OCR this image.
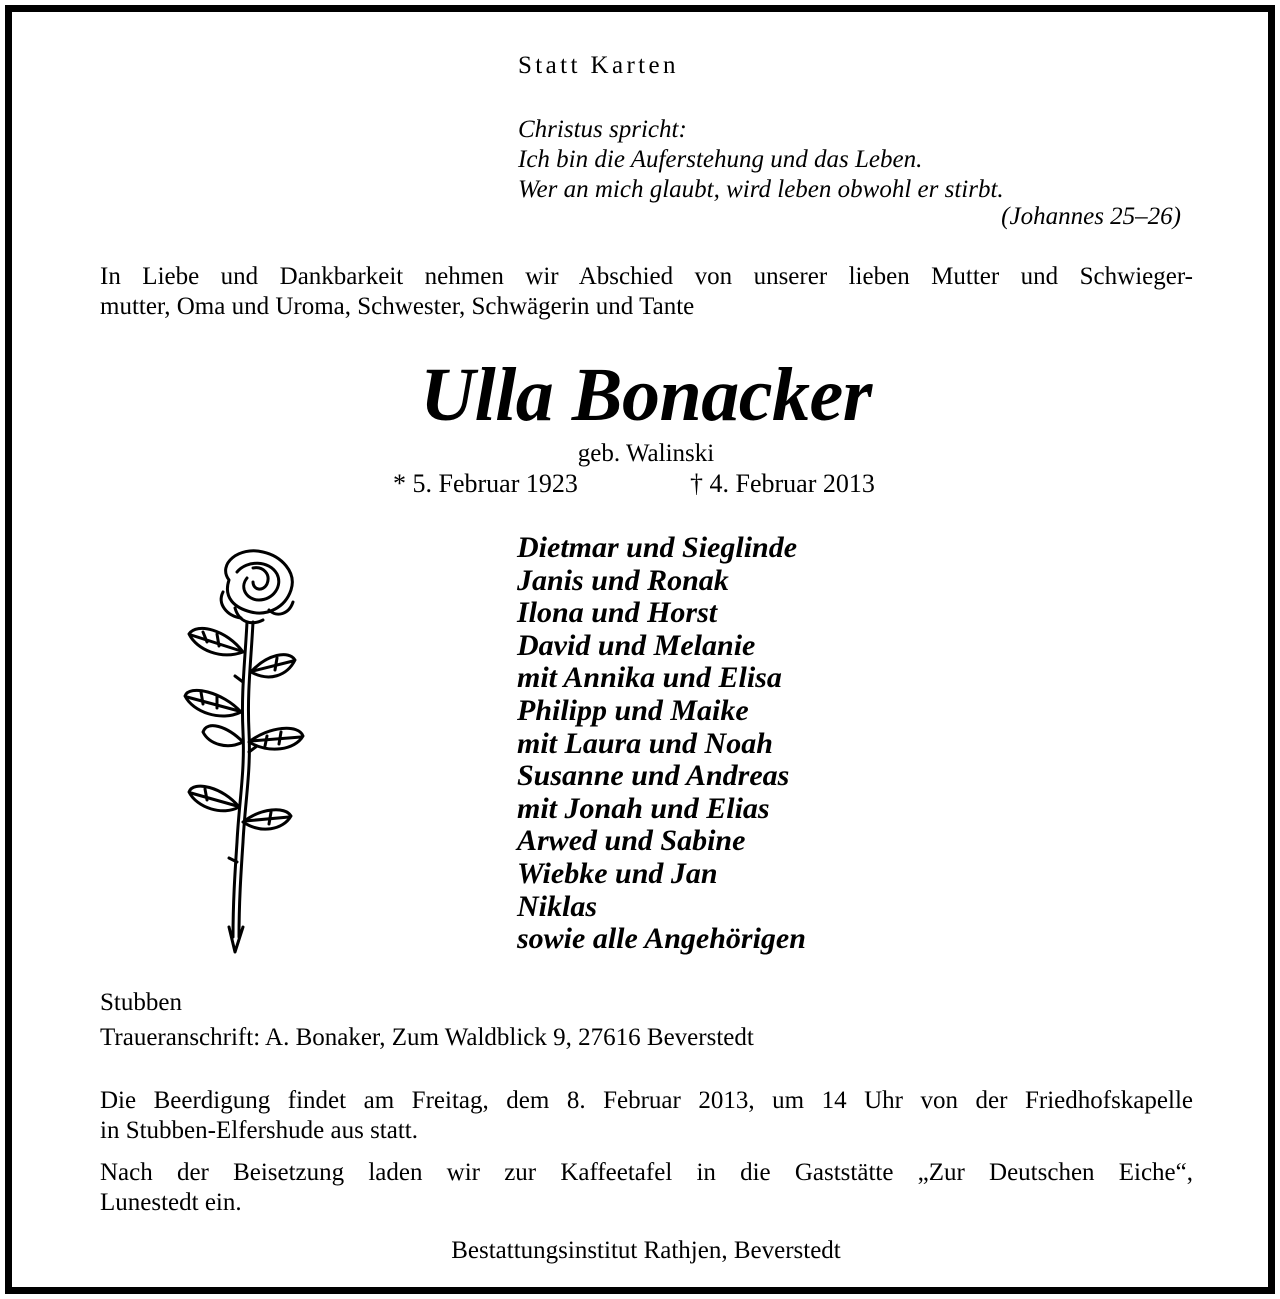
Statt Karten
Christus spricht:
Ich bin die Auferstehung und das Leben.
Wer an mich glaubt, wird leben obwohl er stirbt.
(Johannes 25–26)
In Liebe und Dankbarkeit nehmen wir Abschied von unserer lieben Mutter und Schwieger-
mutter, Oma und Uroma, Schwester, Schwägerin und Tante
Ulla Bonacker
geb. Walinski
* 5. Februar 1923	† 4. Februar 2013
Dietmar und Sieglinde
Janis und Ronak
Ilona und Horst
David und Melanie
mit Annika und Elisa
Philipp und Maike
mit Laura und Noah
Susanne und Andreas
mit Jonah und Elias
Arwed und Sabine
Wiebke und Jan
Niklas
sowie alle Angehörigen
Stubben
Traueranschrift: A. Bonaker, Zum Waldblick 9, 27616 Beverstedt
Die Beerdigung findet am Freitag, dem 8. Februar 2013, um 14 Uhr von der Friedhofskapelle
in Stubben-Elfershude aus statt.
Nach der Beisetzung laden wir zur Kaffeetafel in die Gaststätte „Zur Deutschen Eiche“,
Lunestedt ein.
Bestattungsinstitut Rathjen, Beverstedt
